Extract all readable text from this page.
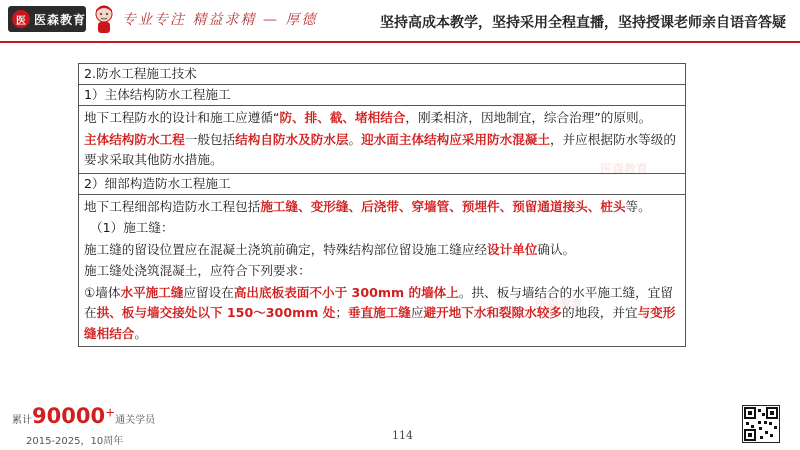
医 医森教育	专业专注 精益求精 — 厚德	坚持高成本教学，坚持采用全程直播，坚持授课老师亲自语音答疑
医森教育
医森教育
2.防水工程施工技术
1）主体结构防水工程施工
地下工程防水的设计和施工应遵循“防、排、截、堵相结合，刚柔相济，因地制宜，综合治理”的原则。
主体结构防水工程一般包括结构自防水及防水层。迎水面主体结构应采用防水混凝土，并应根据防水等级的要求采取其他防水措施。
2）细部构造防水工程施工
地下工程细部构造防水工程包括施工缝、变形缝、后浇带、穿墙管、预埋件、预留通道接头、桩头等。
（1）施工缝：
施工缝的留设位置应在混凝土浇筑前确定，特殊结构部位留设施工缝应经设计单位确认。
施工缝处浇筑混凝土，应符合下列要求：
①墙体水平施工缝应留设在高出底板表面不小于 300mm 的墙体上。拱、板与墙结合的水平施工缝，宜留在拱、板与墙交接处以下 150～300mm 处；垂直施工缝应避开地下水和裂隙水较多的地段，并宜与变形缝相结合。
累计90000+通关学员
2015-2025，10周年	114
